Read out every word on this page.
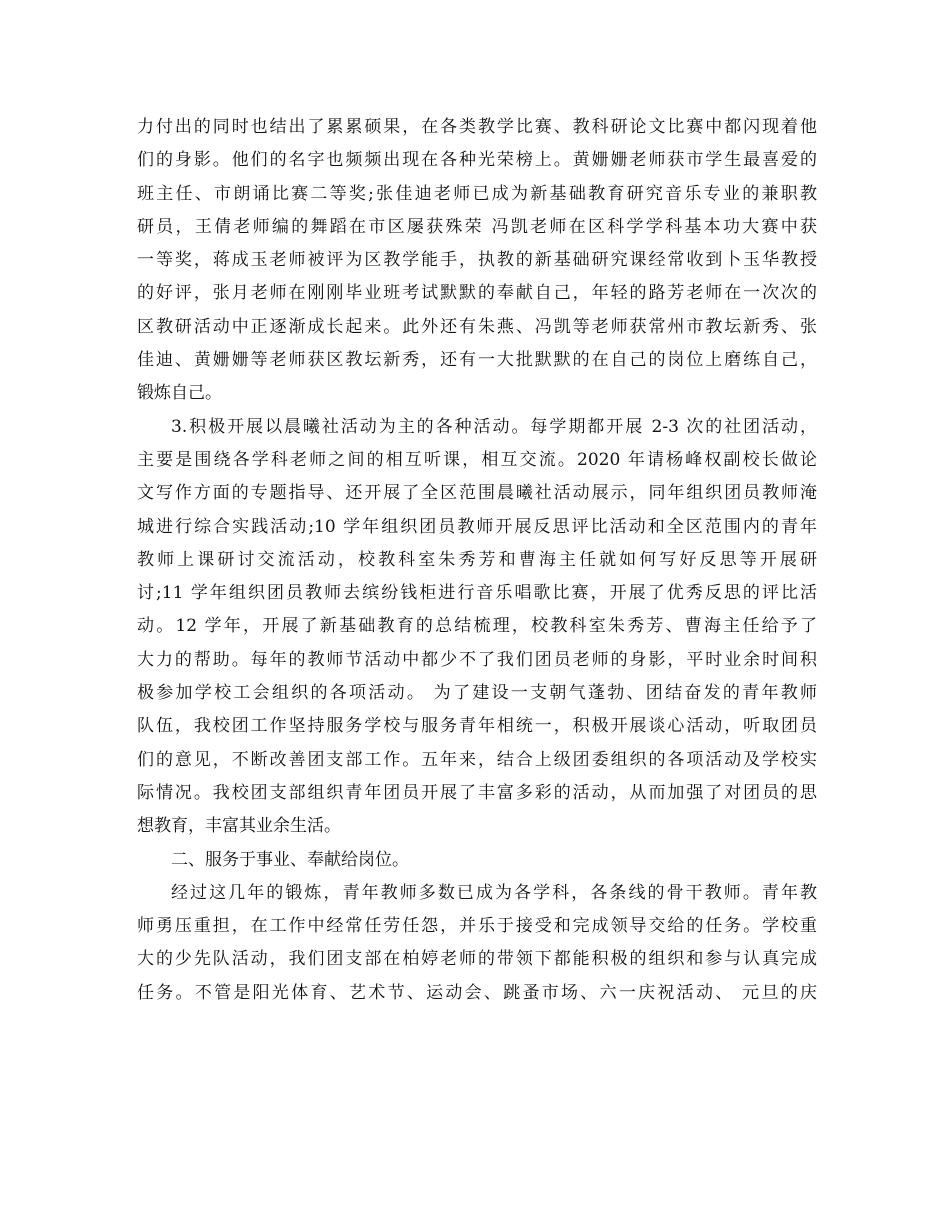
力付出的同时也结出了累累硕果，在各类教学比赛、教科研论文比赛中都闪现着他
们的身影。他们的名字也频频出现在各种光荣榜上。黄姗姗老师获市学生最喜爱的
班主任、市朗诵比赛二等奖;张佳迪老师已成为新基础教育研究音乐专业的兼职教
研员，王倩老师编的舞蹈在市区屡获殊荣 冯凯老师在区科学学科基本功大赛中获
一等奖，蒋成玉老师被评为区教学能手，执教的新基础研究课经常收到卜玉华教授
的好评，张月老师在刚刚毕业班考试默默的奉献自己，年轻的路芳老师在一次次的
区教研活动中正逐渐成长起来。此外还有朱燕、冯凯等老师获常州市教坛新秀、张
佳迪、黄姗姗等老师获区教坛新秀，还有一大批默默的在自己的岗位上磨练自己，
锻炼自己。

3.积极开展以晨曦社活动为主的各种活动。每学期都开展 2-3 次的社团活动，
主要是围绕各学科老师之间的相互听课，相互交流。2020 年请杨峰权副校长做论
文写作方面的专题指导、还开展了全区范围晨曦社活动展示，同年组织团员教师淹
城进行综合实践活动;10 学年组织团员教师开展反思评比活动和全区范围内的青年
教师上课研讨交流活动，校教科室朱秀芳和曹海主任就如何写好反思等开展研
讨;11 学年组织团员教师去缤纷钱柜进行音乐唱歌比赛，开展了优秀反思的评比活
动。12 学年，开展了新基础教育的总结梳理，校教科室朱秀芳、曹海主任给予了
大力的帮助。每年的教师节活动中都少不了我们团员老师的身影，平时业余时间积
极参加学校工会组织的各项活动。 为了建设一支朝气蓬勃、团结奋发的青年教师
队伍，我校团工作坚持服务学校与服务青年相统一，积极开展谈心活动，听取团员
们的意见，不断改善团支部工作。五年来，结合上级团委组织的各项活动及学校实
际情况。我校团支部组织青年团员开展了丰富多彩的活动，从而加强了对团员的思
想教育，丰富其业余生活。

二、服务于事业、奉献给岗位。

经过这几年的锻炼，青年教师多数已成为各学科，各条线的骨干教师。青年教
师勇压重担，在工作中经常任劳任怨，并乐于接受和完成领导交给的任务。学校重
大的少先队活动，我们团支部在柏婷老师的带领下都能积极的组织和参与认真完成
任务。不管是阳光体育、艺术节、运动会、跳蚤市场、六一庆祝活动、 元旦的庆
